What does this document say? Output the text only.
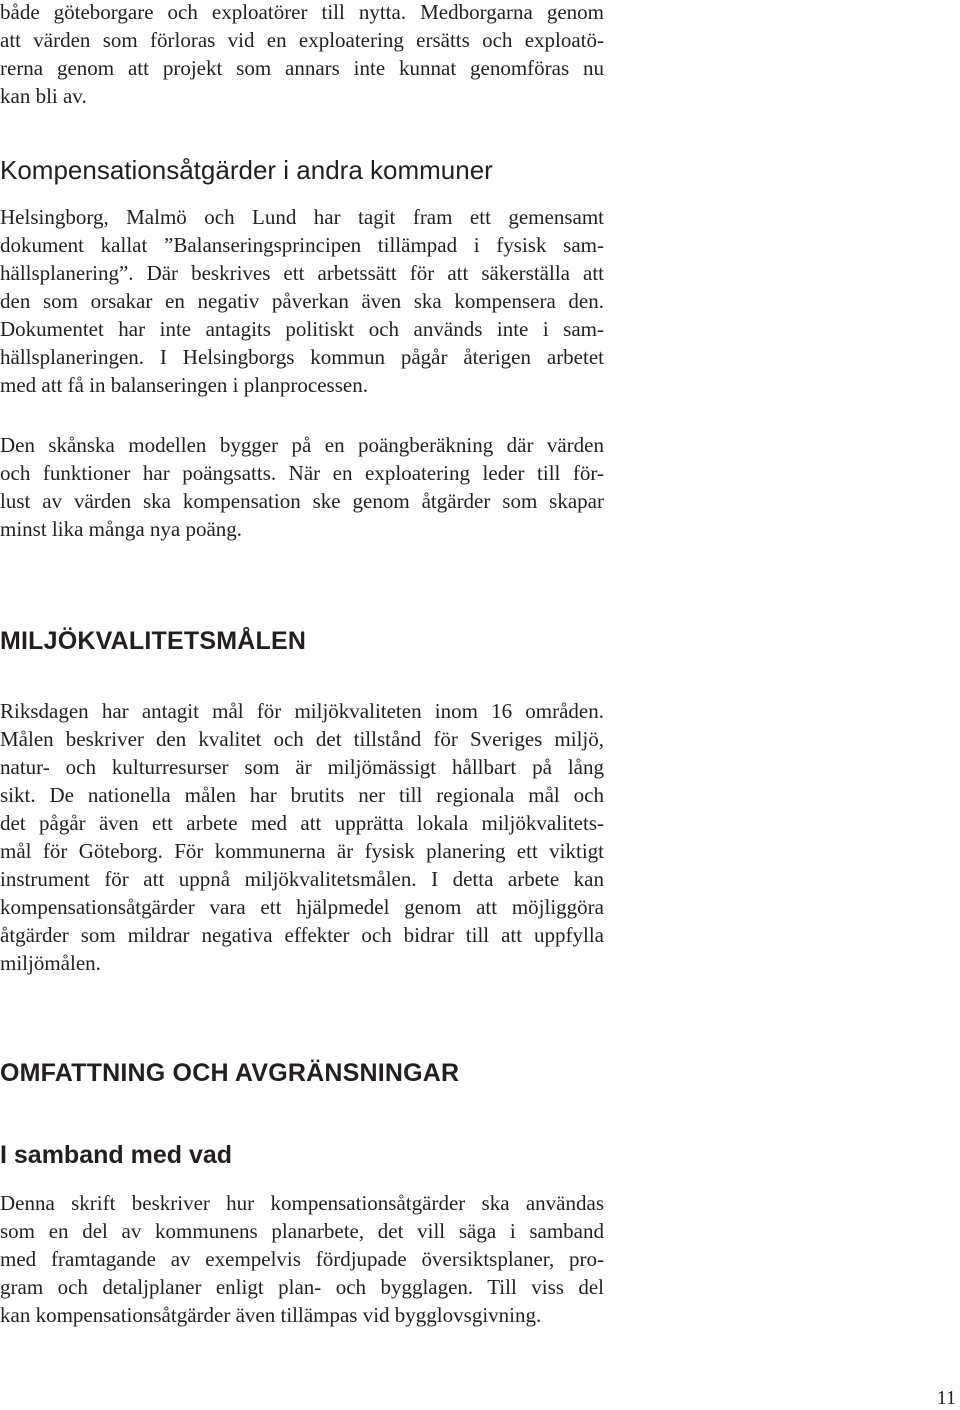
både göteborgare och exploatörer till nytta. Medborgarna genom

att värden som förloras vid en exploatering ersätts och exploatö-

rerna genom att projekt som annars inte kunnat genomföras nu

kan bli av.

Kompensationsåtgärder i andra kommuner

Helsingborg, Malmö och Lund har tagit fram ett gemensamt

dokument kallat ”Balanseringsprincipen tillämpad i fysisk sam-

hällsplanering”. Där beskrives ett arbetssätt för att säkerställa att

den som orsakar en negativ påverkan även ska kompensera den.

Dokumentet har inte antagits politiskt och används inte i sam-

hällsplaneringen. I Helsingborgs kommun pågår återigen arbetet

med att få in balanseringen i planprocessen.

Den skånska modellen bygger på en poängberäkning där värden

och funktioner har poängsatts. När en exploatering leder till för-

lust av värden ska kompensation ske genom åtgärder som skapar

minst lika många nya poäng.

MILJÖKVALITETSMÅLEN

Riksdagen har antagit mål för miljökvaliteten inom 16 områden.

Målen beskriver den kvalitet och det tillstånd för Sveriges miljö,

natur- och kulturresurser som är miljömässigt hållbart på lång

sikt. De nationella målen har brutits ner till regionala mål och

det pågår även ett arbete med att upprätta lokala miljökvalitets-

mål för Göteborg. För kommunerna är fysisk planering ett viktigt

instrument för att uppnå miljökvalitetsmålen. I detta arbete kan

kompensationsåtgärder vara ett hjälpmedel genom att möjliggöra

åtgärder som mildrar negativa effekter och bidrar till att uppfylla

miljömålen.

OMFATTNING OCH AVGRÄNSNINGAR
I samband med vad

Denna skrift beskriver hur kompensationsåtgärder ska användas

som en del av kommunens planarbete, det vill säga i samband

med framtagande av exempelvis fördjupade översiktsplaner, pro-

gram och detaljplaner enligt plan- och bygglagen. Till viss del

kan kompensationsåtgärder även tillämpas vid bygglovsgivning.

11
